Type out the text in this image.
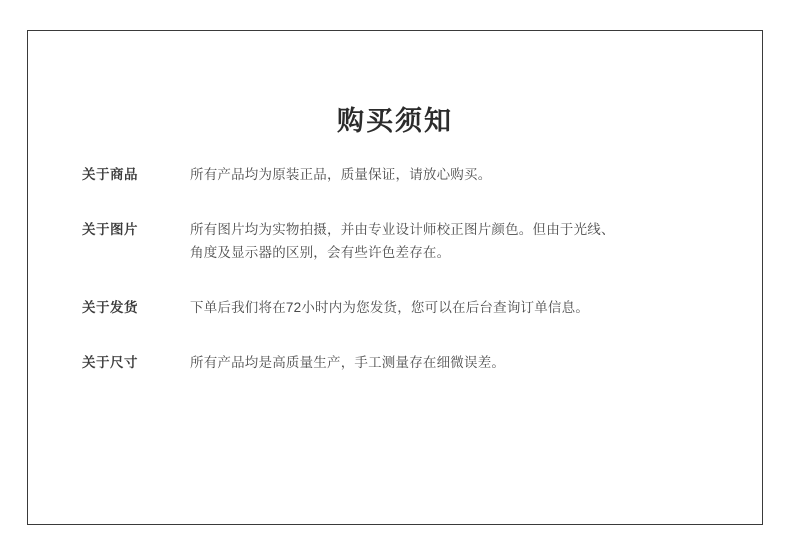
购买须知
关于商品	所有产品均为原装正品，质量保证，请放心购买。
关于图片	所有图片均为实物拍摄，并由专业设计师校正图片颜色。但由于光线、
角度及显示器的区别，会有些许色差存在。
关于发货	下单后我们将在72小时内为您发货，您可以在后台查询订单信息。
关于尺寸	所有产品均是高质量生产，手工测量存在细微误差。
